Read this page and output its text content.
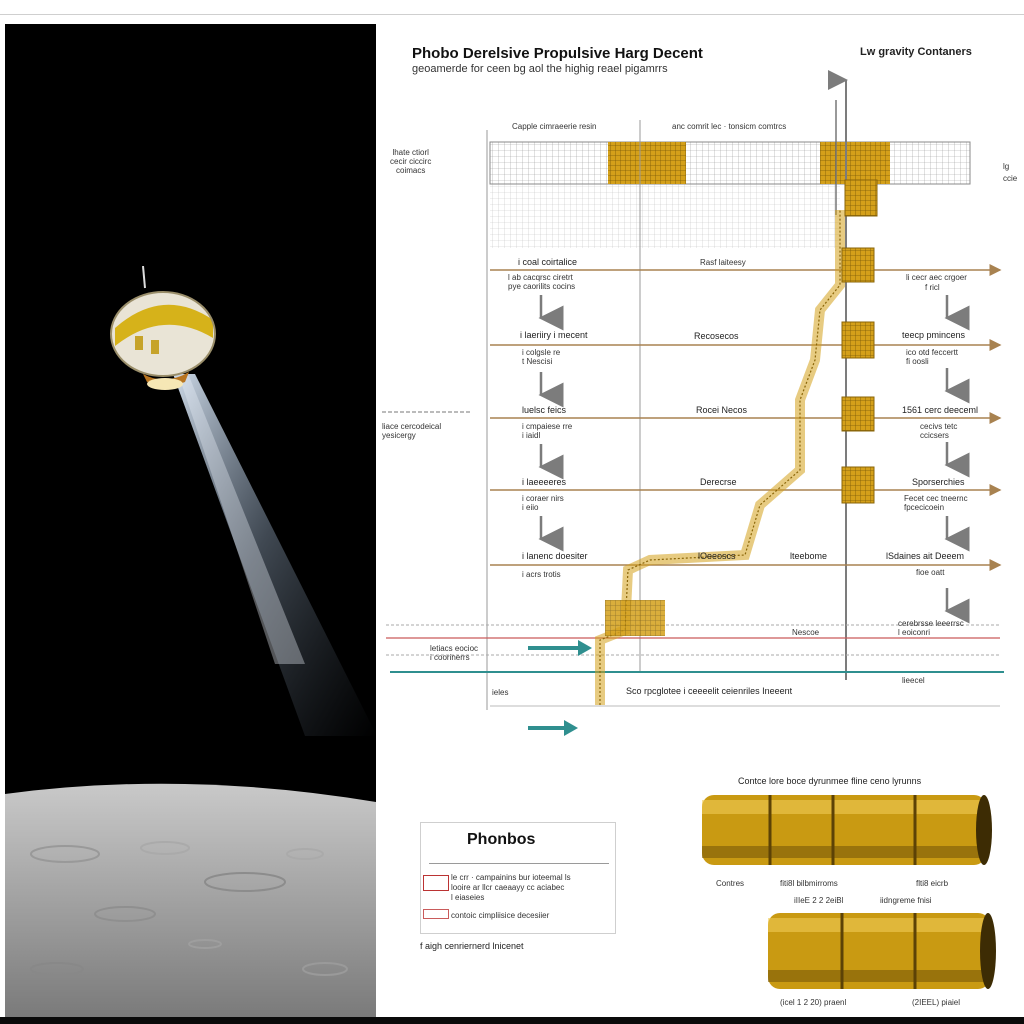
Phobo Derelsive Propulsive Harg Decent
geoamerde for ceen bg aol the highig reael pigamrrs
Lw gravity Contaners
Capple cimraeerie resin	anc comrit lec · tonsicm comtrcs
lhate ctiorl
cecir ciccirc
coimacs
liace cercodeical
yesicergy
lg
ccie
i coal coirtalice
l ab cacqrsc ciretrt
pye caorilits cocins
Rasf laiteesy
li cecr aec crgoer
f ricl
i laeriiry i mecent
i colgsle re
t Nescisi
Recosecos	teecp pmincens
ico otd feccertt
fi oosli
luelsc feics
i cmpaiese rre
i iaidl
Rocei Necos	1561 cerc deeceml
cecivs tetc
ccicsers
i laeeeeres
i coraer nirs
i eiio
Derecrse	Sporserchies
Fecet cec tneernc
fpcecicoein
i lanenc doesiter
i acrs trotis
lOeeoscs	lteebome	lSdaines ait Deeem
fioe oatt
letiacs eocioc
i coorinerrs
Nescoe
cerebrsse leeerrsc
l eoiconri
Sco rpcglotee i ceeeelit ceienriles Ineeent
lieecel
ieles
Phonbos
le crr · campainins bur ioteemal ls
looire ar llcr caeaayy cc aciabec
l eiaseies
contoic cimpliisice decesiier
f aigh cenriernerd lnicenet
Contce lore boce dyrunmee fline ceno lyrunns
Contres	fiti8l bilbmirroms	flti8 eicrb
iIIeE 2 2 2eiBl	iidngreme fnisi
(icel 1 2 20) praenl	(2IEEL) piaiel
